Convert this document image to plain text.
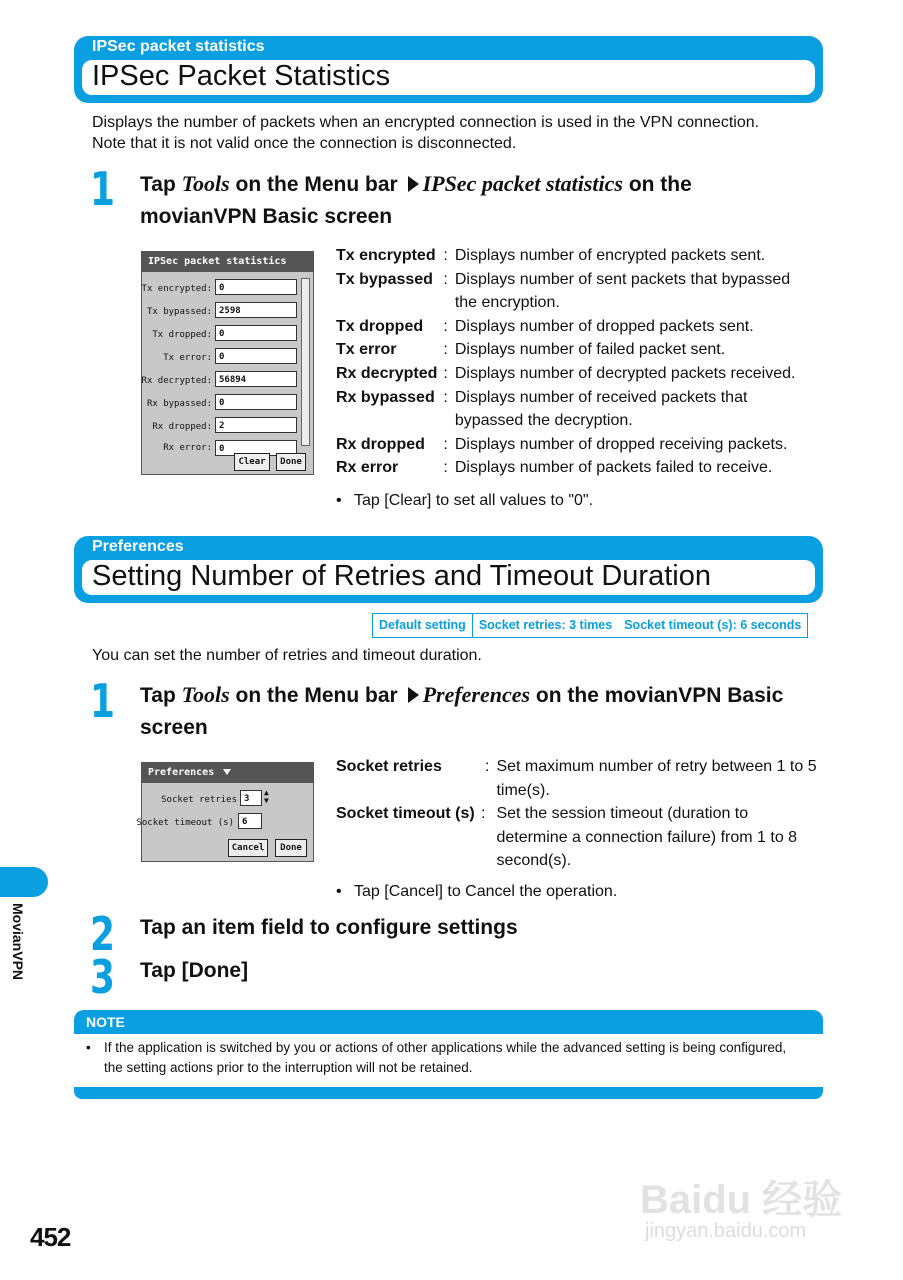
IPSec packet statistics
IPSec Packet Statistics
Displays the number of packets when an encrypted connection is used in the VPN connection.
Note that it is not valid once the connection is disconnected.
1 Tap Tools on the Menu bar IPSec packet statistics on the
movianVPN Basic screen
IPSec packet statistics
Tx encrypted: 0
Tx bypassed: 2598
Tx dropped: 0
Tx error: 0
Rx decrypted: 56894
Rx bypassed: 0
Rx dropped: 2
Rx error: 0
Clear	Done
Tx encrypted	:	Displays number of encrypted packets sent.
Tx bypassed	:	Displays number of sent packets that bypassed the encryption.
Tx dropped	:	Displays number of dropped packets sent.
Tx error	:	Displays number of failed packet sent.
Rx decrypted	:	Displays number of decrypted packets received.
Rx bypassed	:	Displays number of received packets that bypassed the decryption.
Rx dropped	:	Displays number of dropped receiving packets.
Rx error	:	Displays number of packets failed to receive.
• Tap [Clear] to set all values to "0".
Preferences
Setting Number of Retries and Timeout Duration
Default setting	Socket retries: 3 times Socket timeout (s): 6 seconds
You can set the number of retries and timeout duration.
1 Tap Tools on the Menu bar Preferences on the movianVPN Basic
screen
Preferences
Socket retries 3
▲
▼
Socket timeout (s) 6
Cancel	Done
Socket retries	:	Set maximum number of retry between 1 to 5 time(s).
Socket timeout (s)	:	Set the session timeout (duration to determine a connection failure) from 1 to 8 second(s).
• Tap [Cancel] to Cancel the operation.
2 Tap an item field to configure settings
3 Tap [Done]
NOTE
If the application is switched by you or actions of other applications while the advanced setting is being configured, the setting actions prior to the interruption will not be retained.
•
MovianVPN
452
Baidu 经验
jingyan.baidu.com
